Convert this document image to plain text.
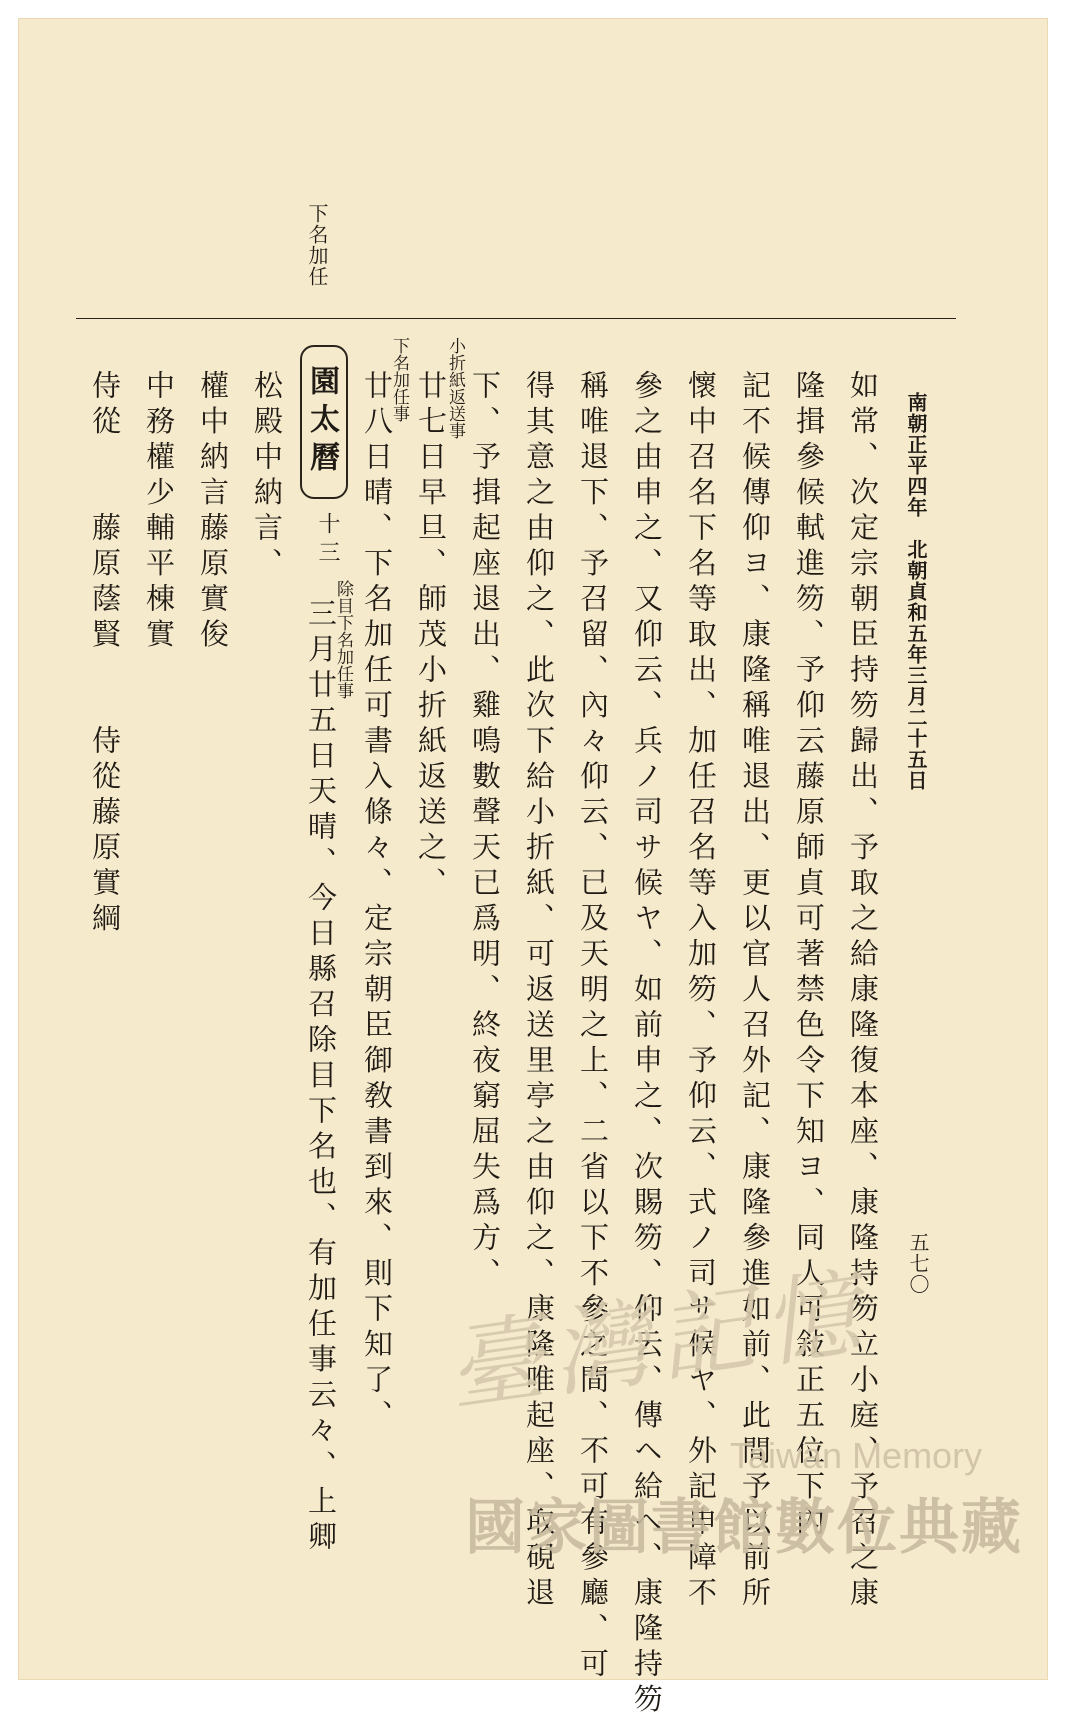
南朝正平四年　北朝貞和五年三月二十五日
五七〇
下名加任
如常、次定宗朝臣持笏歸出、予取之給康隆復本座、康隆持笏立小庭、予召之康
隆揖參候軾進笏、予仰云藤原師貞可著禁色令下知ヨ、同人可敍正五位下內
記不候傳仰ヨ、康隆稱唯退出、更以官人召外記、康隆參進如前、此間予以前所
懷中召名下名等取出、加任召名等入加笏、予仰云、式ノ司サ候ヤ、外記申障不
參之由申之、又仰云、兵ノ司サ候ヤ、如前申之、次賜笏、仰云、傳ヘ給ヘ、康隆持笏
稱唯退下、予召留、內々仰云、已及天明之上、二省以下不參之間、不可有參廳、可
得其意之由仰之、此次下給小折紙、可返送里亭之由仰之、康隆唯起座、取硯退
下、予揖起座退出、雞鳴數聲天已爲明、終夜窮屈失爲方、
小折紙返送事
廿七日早旦、師茂小折紙返送之、
下名加任事
廿八日晴、下名加任可書入條々、定宗朝臣御敎書到來、則下知了、
園太曆
十三
除目下名加任事
三月廿五日天晴、今日縣召除目下名也、有加任事云々、上卿
松殿中納言、
權中納言藤原實俊
中務權少輔平棟實
侍從　　藤原蔭賢　　侍從藤原實綱
臺灣記憶
Taiwan Memory
國家圖書館數位典藏
